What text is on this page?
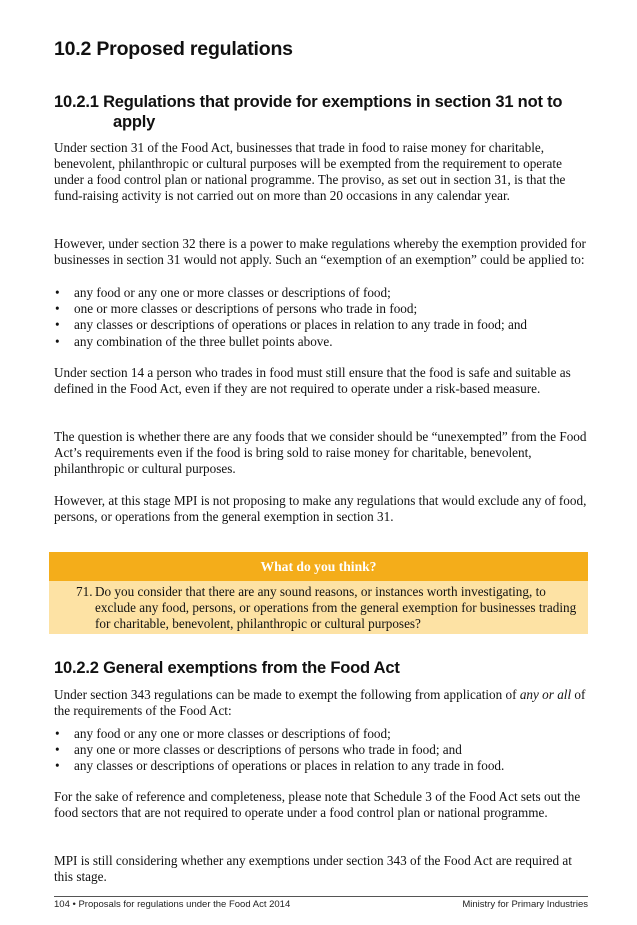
10.2 Proposed regulations
10.2.1 Regulations that provide for exemptions in section 31 not to
apply

Under section 31 of the Food Act, businesses that trade in food to raise money for charitable, benevolent, philanthropic or cultural purposes will be exempted from the requirement to operate under a food control plan or national programme. The proviso, as set out in section 31, is that the fund-raising activity is not carried out on more than 20 occasions in any calendar year.

However, under section 32 there is a power to make regulations whereby the exemption provided for businesses in section 31 would not apply. Such an “exemption of an exemption” could be applied to:

• any food or any one or more classes or descriptions of food;
• one or more classes or descriptions of persons who trade in food;
• any classes or descriptions of operations or places in relation to any trade in food; and
• any combination of the three bullet points above.

Under section 14 a person who trades in food must still ensure that the food is safe and suitable as defined in the Food Act, even if they are not required to operate under a risk-based measure.

The question is whether there are any foods that we consider should be “unexempted” from the Food Act’s requirements even if the food is bring sold to raise money for charitable, benevolent, philanthropic or cultural purposes.

However, at this stage MPI is not proposing to make any regulations that would exclude any of food, persons, or operations from the general exemption in section 31.

What do you think?
71. Do you consider that there are any sound reasons, or instances worth investigating, to exclude any food, persons, or operations from the general exemption for businesses trading for charitable, benevolent, philanthropic or cultural purposes?
10.2.2 General exemptions from the Food Act

Under section 343 regulations can be made to exempt the following from application of any or all of the requirements of the Food Act:

• any food or any one or more classes or descriptions of food;
• any one or more classes or descriptions of persons who trade in food; and
• any classes or descriptions of operations or places in relation to any trade in food.

For the sake of reference and completeness, please note that Schedule 3 of the Food Act sets out the food sectors that are not required to operate under a food control plan or national programme.

MPI is still considering whether any exemptions under section 343 of the Food Act are required at this stage.

104 • Proposals for regulations under the Food Act 2014	Ministry for Primary Industries
